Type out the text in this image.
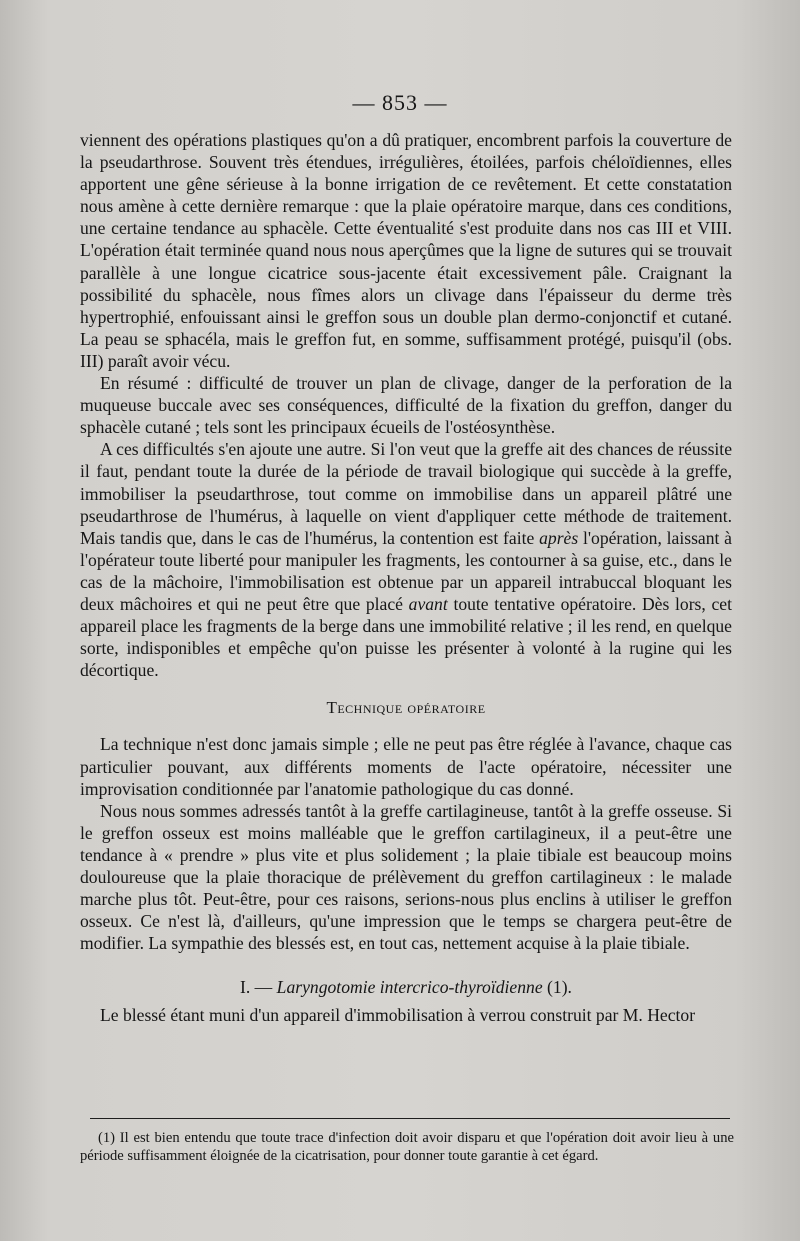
— 853 —

viennent des opérations plastiques qu'on a dû pratiquer, encombrent parfois la couverture de la pseudarthrose. Souvent très étendues, irrégulières, étoilées, parfois chéloïdiennes, elles apportent une gêne sérieuse à la bonne irrigation de ce revêtement. Et cette constatation nous amène à cette dernière remarque : que la plaie opératoire marque, dans ces conditions, une certaine tendance au sphacèle. Cette éventualité s'est produite dans nos cas III et VIII. L'opération était terminée quand nous nous aperçûmes que la ligne de sutures qui se trouvait parallèle à une longue cicatrice sous-jacente était excessivement pâle. Craignant la possibilité du sphacèle, nous fîmes alors un clivage dans l'épaisseur du derme très hypertrophié, enfouissant ainsi le greffon sous un double plan dermo-conjonctif et cutané. La peau se sphacéla, mais le greffon fut, en somme, suffisamment protégé, puisqu'il (obs. III) paraît avoir vécu.

En résumé : difficulté de trouver un plan de clivage, danger de la perforation de la muqueuse buccale avec ses conséquences, difficulté de la fixation du greffon, danger du sphacèle cutané ; tels sont les principaux écueils de l'ostéosynthèse.

A ces difficultés s'en ajoute une autre. Si l'on veut que la greffe ait des chances de réussite il faut, pendant toute la durée de la période de travail biologique qui succède à la greffe, immobiliser la pseudarthrose, tout comme on immobilise dans un appareil plâtré une pseudarthrose de l'humérus, à laquelle on vient d'appliquer cette méthode de traitement. Mais tandis que, dans le cas de l'humérus, la contention est faite après l'opération, laissant à l'opérateur toute liberté pour manipuler les fragments, les contourner à sa guise, etc., dans le cas de la mâchoire, l'immobilisation est obtenue par un appareil intrabuccal bloquant les deux mâchoires et qui ne peut être que placé avant toute tentative opératoire. Dès lors, cet appareil place les fragments de la berge dans une immobilité relative ; il les rend, en quelque sorte, indisponibles et empêche qu'on puisse les présenter à volonté à la rugine qui les décortique.

Technique opératoire

La technique n'est donc jamais simple ; elle ne peut pas être réglée à l'avance, chaque cas particulier pouvant, aux différents moments de l'acte opératoire, nécessiter une improvisation conditionnée par l'anatomie pathologique du cas donné.

Nous nous sommes adressés tantôt à la greffe cartilagineuse, tantôt à la greffe osseuse. Si le greffon osseux est moins malléable que le greffon cartilagineux, il a peut-être une tendance à « prendre » plus vite et plus solidement ; la plaie tibiale est beaucoup moins douloureuse que la plaie thoracique de prélèvement du greffon cartilagineux : le malade marche plus tôt. Peut-être, pour ces raisons, serions-nous plus enclins à utiliser le greffon osseux. Ce n'est là, d'ailleurs, qu'une impression que le temps se chargera peut-être de modifier. La sympathie des blessés est, en tout cas, nettement acquise à la plaie tibiale.

I. — Laryngotomie intercrico-thyroïdienne (1).

Le blessé étant muni d'un appareil d'immobilisation à verrou construit par M. Hector

(1) Il est bien entendu que toute trace d'infection doit avoir disparu et que l'opération doit avoir lieu à une période suffisamment éloignée de la cicatrisation, pour donner toute garantie à cet égard.
